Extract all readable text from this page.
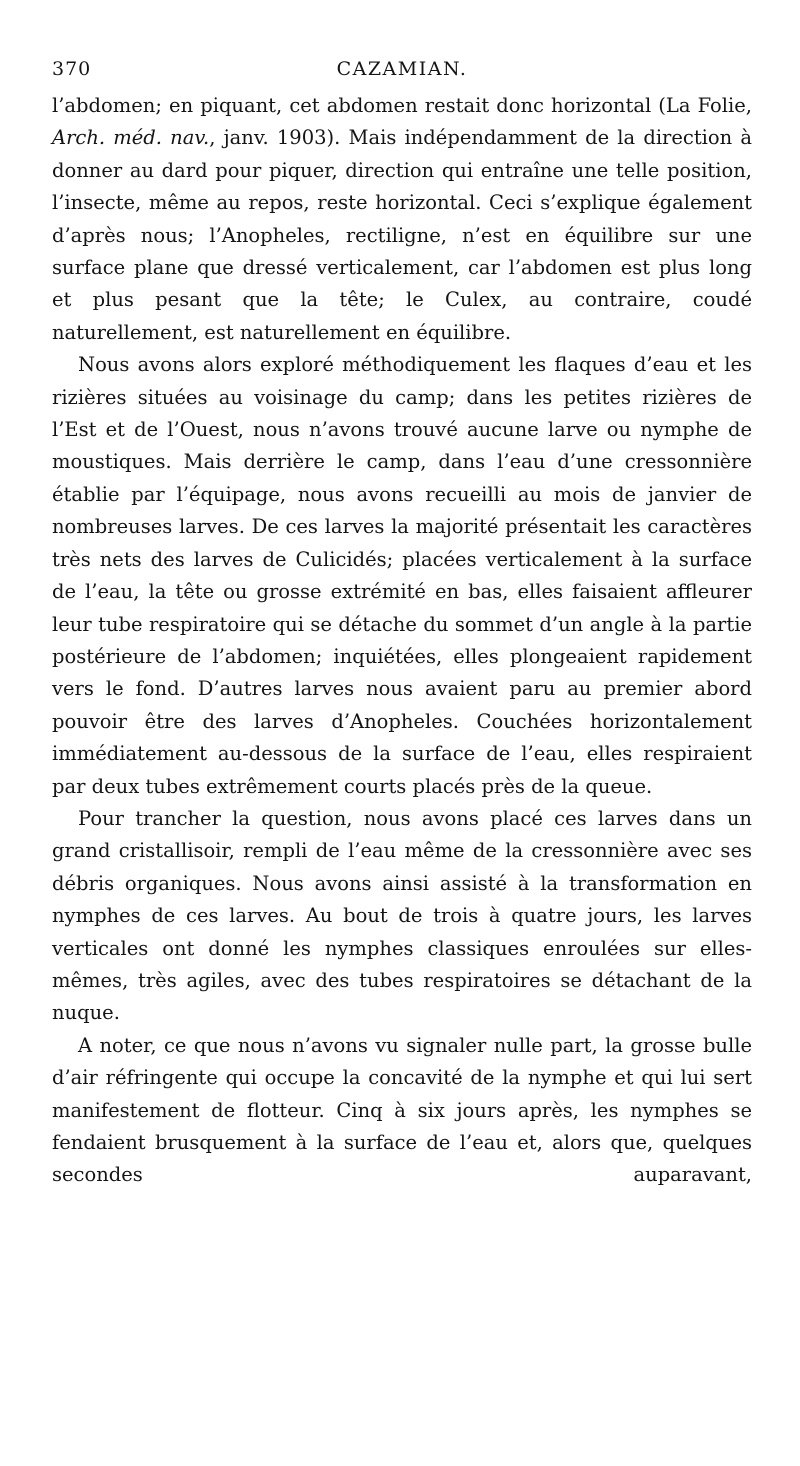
370	CAZAMIAN.

l’abdomen; en piquant, cet abdomen restait donc horizontal (La Folie, Arch. méd. nav., janv. 1903). Mais indépendamment de la direction à donner au dard pour piquer, direction qui entraîne une telle position, l’insecte, même au repos, reste horizontal. Ceci s’explique également d’après nous; l’Anopheles, rectiligne, n’est en équilibre sur une surface plane que dressé verticalement, car l’abdomen est plus long et plus pesant que la tête; le Culex, au contraire, coudé naturellement, est naturellement en équilibre.

Nous avons alors exploré méthodiquement les flaques d’eau et les rizières situées au voisinage du camp; dans les petites rizières de l’Est et de l’Ouest, nous n’avons trouvé aucune larve ou nymphe de moustiques. Mais derrière le camp, dans l’eau d’une cressonnière établie par l’équipage, nous avons recueilli au mois de janvier de nombreuses larves. De ces larves la majorité présentait les caractères très nets des larves de Culicidés; placées verticalement à la surface de l’eau, la tête ou grosse extrémité en bas, elles faisaient affleurer leur tube respiratoire qui se détache du sommet d’un angle à la partie postérieure de l’abdomen; inquiétées, elles plongeaient rapidement vers le fond. D’autres larves nous avaient paru au premier abord pouvoir être des larves d’Anopheles. Couchées horizontalement immédiatement au-dessous de la surface de l’eau, elles respiraient par deux tubes extrêmement courts placés près de la queue.

Pour trancher la question, nous avons placé ces larves dans un grand cristallisoir, rempli de l’eau même de la cressonnière avec ses débris organiques. Nous avons ainsi assisté à la transformation en nymphes de ces larves. Au bout de trois à quatre jours, les larves verticales ont donné les nymphes classiques enroulées sur elles-mêmes, très agiles, avec des tubes respiratoires se détachant de la nuque.

A noter, ce que nous n’avons vu signaler nulle part, la grosse bulle d’air réfringente qui occupe la concavité de la nymphe et qui lui sert manifestement de flotteur. Cinq à six jours après, les nymphes se fendaient brusquement à la surface de l’eau et, alors que, quelques secondes auparavant,
